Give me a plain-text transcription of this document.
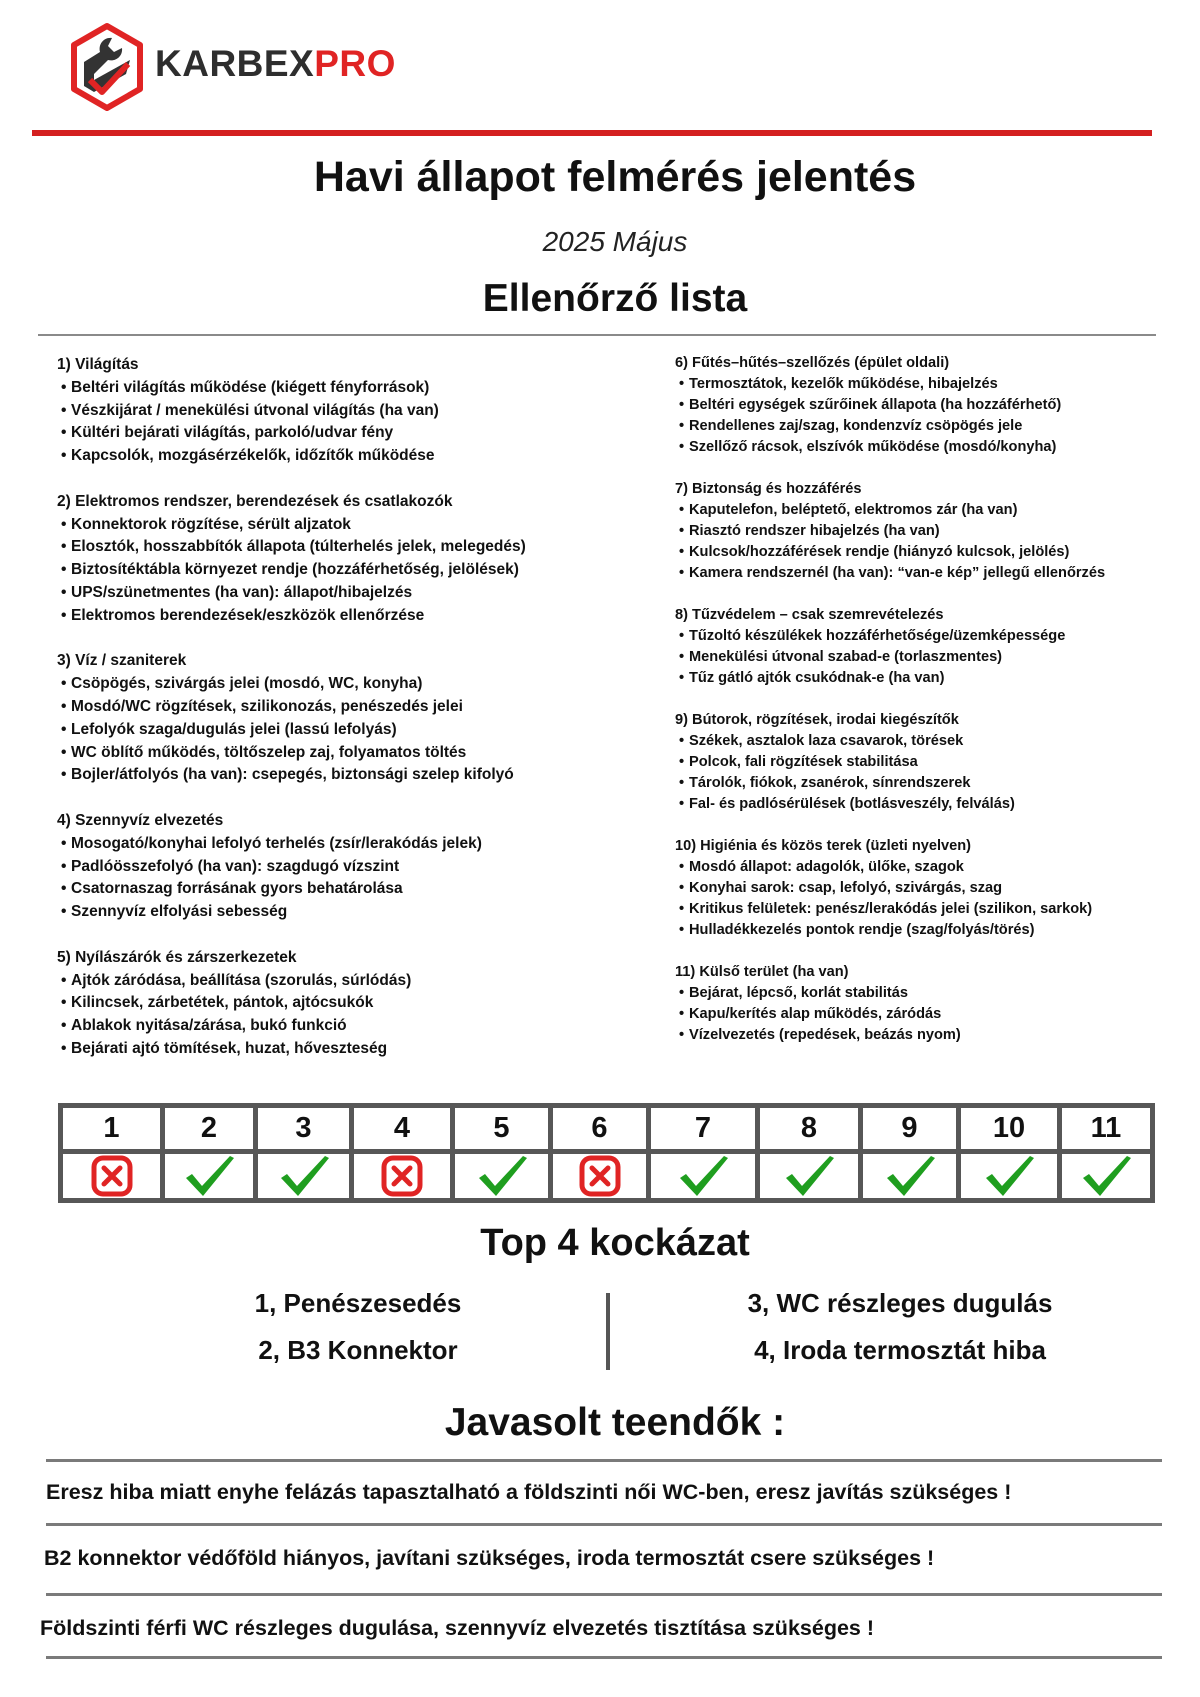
KARBEXPRO
Havi állapot felmérés jelentés
2025 Május
Ellenőrző lista
1) Világítás
• Beltéri világítás működése (kiégett fényforrások)
• Vészkijárat / menekülési útvonal világítás (ha van)
• Kültéri bejárati világítás, parkoló/udvar fény
• Kapcsolók, mozgásérzékelők, időzítők működése
2) Elektromos rendszer, berendezések és csatlakozók
• Konnektorok rögzítése, sérült aljzatok
• Elosztók, hosszabbítók állapota (túlterhelés jelek, melegedés)
• Biztosítéktábla környezet rendje (hozzáférhetőség, jelölések)
• UPS/szünetmentes (ha van): állapot/hibajelzés
• Elektromos berendezések/eszközök ellenőrzése
3) Víz / szaniterek
• Csöpögés, szivárgás jelei (mosdó, WC, konyha)
• Mosdó/WC rögzítések, szilikonozás, penészedés jelei
• Lefolyók szaga/dugulás jelei (lassú lefolyás)
• WC öblítő működés, töltőszelep zaj, folyamatos töltés
• Bojler/átfolyós (ha van): csepegés, biztonsági szelep kifolyó
4) Szennyvíz elvezetés
• Mosogató/konyhai lefolyó terhelés (zsír/lerakódás jelek)
• Padlóösszefolyó (ha van): szagdugó vízszint
• Csatornaszag forrásának gyors behatárolása
• Szennyvíz elfolyási sebesség
5) Nyílászárók és zárszerkezetek
• Ajtók záródása, beállítása (szorulás, súrlódás)
• Kilincsek, zárbetétek, pántok, ajtócsukók
• Ablakok nyitása/zárása, bukó funkció
• Bejárati ajtó tömítések, huzat, hőveszteség
6) Fűtés–hűtés–szellőzés (épület oldali)
• Termosztátok, kezelők működése, hibajelzés
• Beltéri egységek szűrőinek állapota (ha hozzáférhető)
• Rendellenes zaj/szag, kondenzvíz csöpögés jele
• Szellőző rácsok, elszívók működése (mosdó/konyha)
7) Biztonság és hozzáférés
• Kaputelefon, beléptető, elektromos zár (ha van)
• Riasztó rendszer hibajelzés (ha van)
• Kulcsok/hozzáférések rendje (hiányzó kulcsok, jelölés)
• Kamera rendszernél (ha van): “van-e kép” jellegű ellenőrzés
8) Tűzvédelem – csak szemrevételezés
• Tűzoltó készülékek hozzáférhetősége/üzemképessége
• Menekülési útvonal szabad-e (torlaszmentes)
• Tűz gátló ajtók csukódnak-e (ha van)
9) Bútorok, rögzítések, irodai kiegészítők
• Székek, asztalok laza csavarok, törések
• Polcok, fali rögzítések stabilitása
• Tárolók, fiókok, zsanérok, sínrendszerek
• Fal- és padlósérülések (botlásveszély, felválás)
10) Higiénia és közös terek (üzleti nyelven)
• Mosdó állapot: adagolók, ülőke, szagok
• Konyhai sarok: csap, lefolyó, szivárgás, szag
• Kritikus felületek: penész/lerakódás jelei (szilikon, sarkok)
• Hulladékkezelés pontok rendje (szag/folyás/törés)
11) Külső terület (ha van)
• Bejárat, lépcső, korlát stabilitás
• Kapu/kerítés alap működés, záródás
• Vízelvezetés (repedések, beázás nyom)
1	2	3	4	5	6	7	8	9	10	11

Top 4 kockázat
1, Penészesedés
2, B3 Konnektor
3, WC részleges dugulás
4, Iroda termosztát hiba
Javasolt teendők :
Eresz hiba miatt enyhe felázás tapasztalható a földszinti női WC-ben, eresz javítás szükséges !
B2 konnektor védőföld hiányos, javítani szükséges, iroda termosztát csere szükséges !
Földszinti férfi WC részleges dugulása, szennyvíz elvezetés tisztítása szükséges !
